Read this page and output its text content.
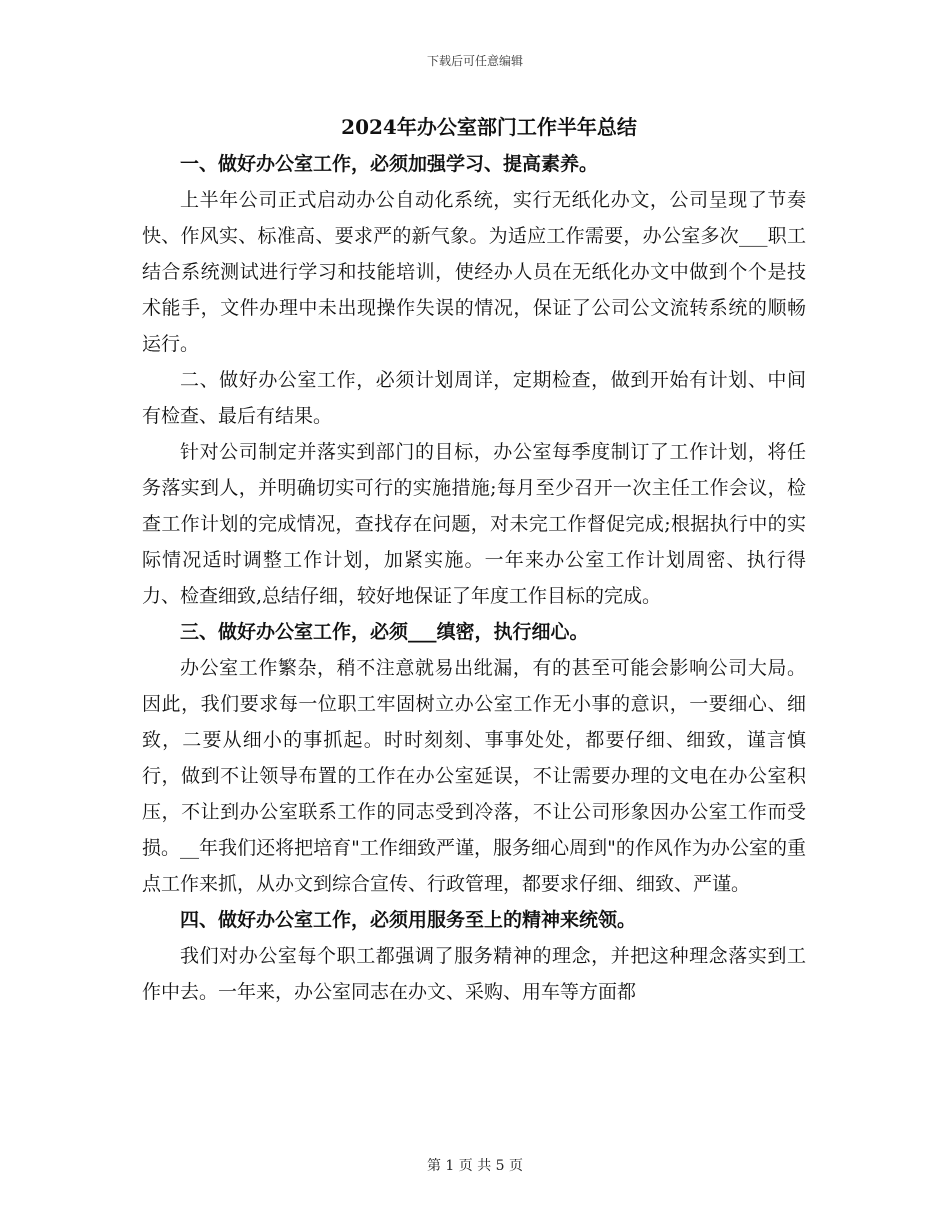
下载后可任意编辑
2024年办公室部门工作半年总结

一、做好办公室工作，必须加强学习、提高素养。

上半年公司正式启动办公自动化系统，实行无纸化办文，公司呈现了节奏快、作风实、标准高、要求严的新气象。为适应工作需要，办公室多次___职工结合系统测试进行学习和技能培训，使经办人员在无纸化办文中做到个个是技术能手，文件办理中未出现操作失误的情况，保证了公司公文流转系统的顺畅运行。

二、做好办公室工作，必须计划周详，定期检查，做到开始有计划、中间有检查、最后有结果。

针对公司制定并落实到部门的目标，办公室每季度制订了工作计划，将任务落实到人，并明确切实可行的实施措施;每月至少召开一次主任工作会议，检查工作计划的完成情况，查找存在问题，对未完工作督促完成;根据执行中的实际情况适时调整工作计划，加紧实施。一年来办公室工作计划周密、执行得力、检查细致,总结仔细，较好地保证了年度工作目标的完成。

三、做好办公室工作，必须___缜密，执行细心。

办公室工作繁杂，稍不注意就易出纰漏，有的甚至可能会影响公司大局。因此，我们要求每一位职工牢固树立办公室工作无小事的意识，一要细心、细致，二要从细小的事抓起。时时刻刻、事事处处，都要仔细、细致，谨言慎行，做到不让领导布置的工作在办公室延误，不让需要办理的文电在办公室积压，不让到办公室联系工作的同志受到冷落，不让公司形象因办公室工作而受损。__年我们还将把培育"工作细致严谨，服务细心周到"的作风作为办公室的重点工作来抓，从办文到综合宣传、行政管理，都要求仔细、细致、严谨。

四、做好办公室工作，必须用服务至上的精神来统领。

我们对办公室每个职工都强调了服务精神的理念，并把这种理念落实到工作中去。一年来，办公室同志在办文、采购、用车等方面都

第 1 页 共 5 页
